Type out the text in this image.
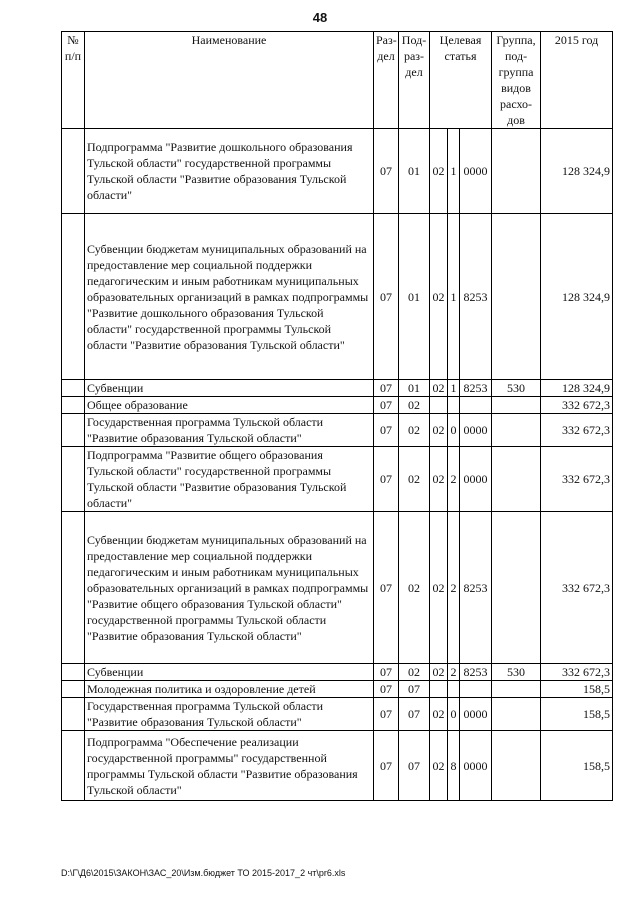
48
№ п/п	Наименование	Раз-дел	Под-раз-дел	Целевая статья			Группа, под-группа видов расхо-дов	2015 год
	Подпрограмма "Развитие дошкольного образования Тульской области" государственной программы Тульской области "Развитие образования Тульской области"	07	01	02	1	0000		128 324,9
	Субвенции бюджетам муниципальных образований на предоставление мер социальной поддержки педагогическим и иным работникам муниципальных образовательных организаций в рамках подпрограммы "Развитие дошкольного образования Тульской области" государственной программы Тульской области "Развитие образования Тульской области"	07	01	02	1	8253		128 324,9
	Субвенции	07	01	02	1	8253	530	128 324,9
	Общее образование	07	02					332 672,3
	Государственная программа Тульской области "Развитие образования Тульской области"	07	02	02	0	0000		332 672,3
	Подпрограмма "Развитие общего образования Тульской области" государственной программы Тульской области "Развитие образования Тульской области"	07	02	02	2	0000		332 672,3
	Субвенции бюджетам муниципальных образований на предоставление мер социальной поддержки педагогическим и иным работникам муниципальных образовательных организаций в рамках подпрограммы "Развитие общего образования Тульской области" государственной программы Тульской области "Развитие образования Тульской области"	07	02	02	2	8253		332 672,3
	Субвенции	07	02	02	2	8253	530	332 672,3
	Молодежная политика и оздоровление детей	07	07					158,5
	Государственная программа Тульской области "Развитие образования Тульской области"	07	07	02	0	0000		158,5
	Подпрограмма "Обеспечение реализации государственной программы" государственной программы Тульской области "Развитие образования Тульской области"	07	07	02	8	0000		158,5
D:\Г\Д6\2015\ЗАКОН\ЗАС_20\Изм.бюджет ТО 2015-2017_2 чт\pr6.xls
